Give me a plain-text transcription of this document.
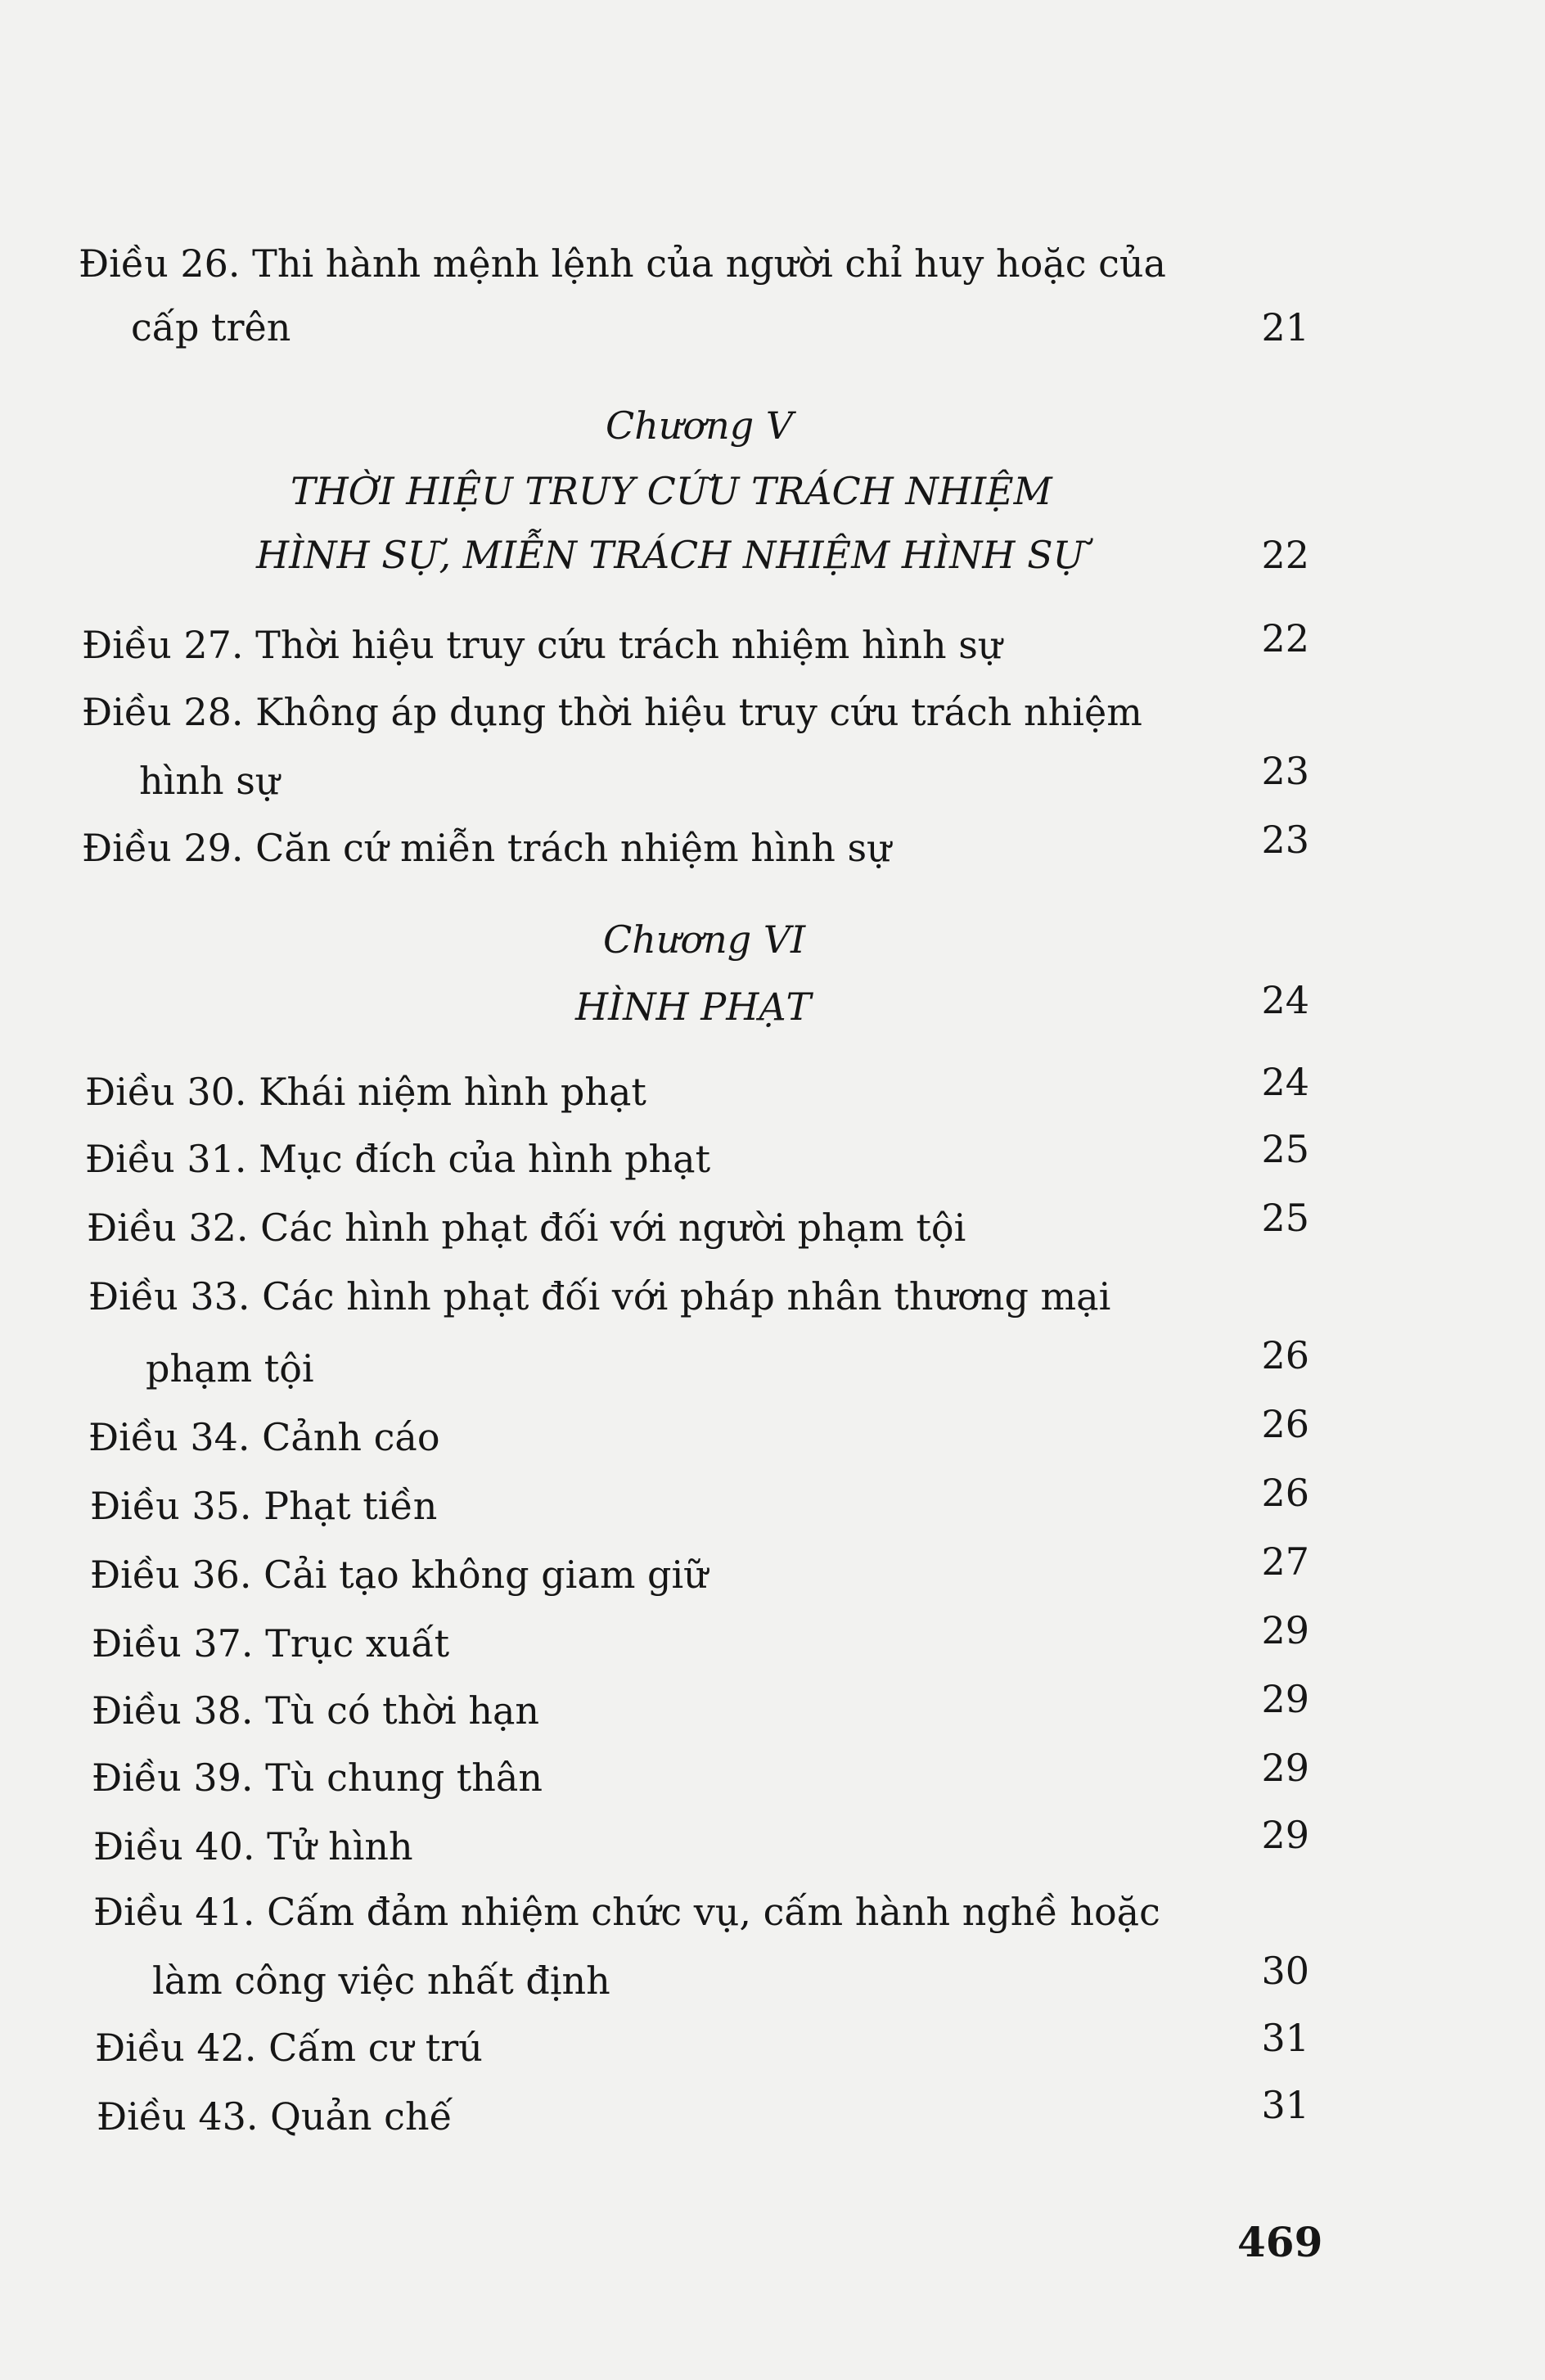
Điều 26. Thi hành mệnh lệnh của người chỉ huy hoặc của
cấp trên	21
Chương V
THỜI HIỆU TRUY CỨU TRÁCH NHIỆM
HÌNH SỰ, MIỄN TRÁCH NHIỆM HÌNH SỰ	22
Điều 27. Thời hiệu truy cứu trách nhiệm hình sự	22
Điều 28. Không áp dụng thời hiệu truy cứu trách nhiệm
hình sự	23
Điều 29. Căn cứ miễn trách nhiệm hình sự	23
Chương VI
HÌNH PHẠT	24
Điều 30. Khái niệm hình phạt	24
Điều 31. Mục đích của hình phạt	25
Điều 32. Các hình phạt đối với người phạm tội	25
Điều 33. Các hình phạt đối với pháp nhân thương mại
phạm tội	26
Điều 34. Cảnh cáo	26
Điều 35. Phạt tiền	26
Điều 36. Cải tạo không giam giữ	27
Điều 37. Trục xuất	29
Điều 38. Tù có thời hạn	29
Điều 39. Tù chung thân	29
Điều 40. Tử hình	29
Điều 41. Cấm đảm nhiệm chức vụ, cấm hành nghề hoặc
làm công việc nhất định	30
Điều 42. Cấm cư trú	31
Điều 43. Quản chế	31
469
